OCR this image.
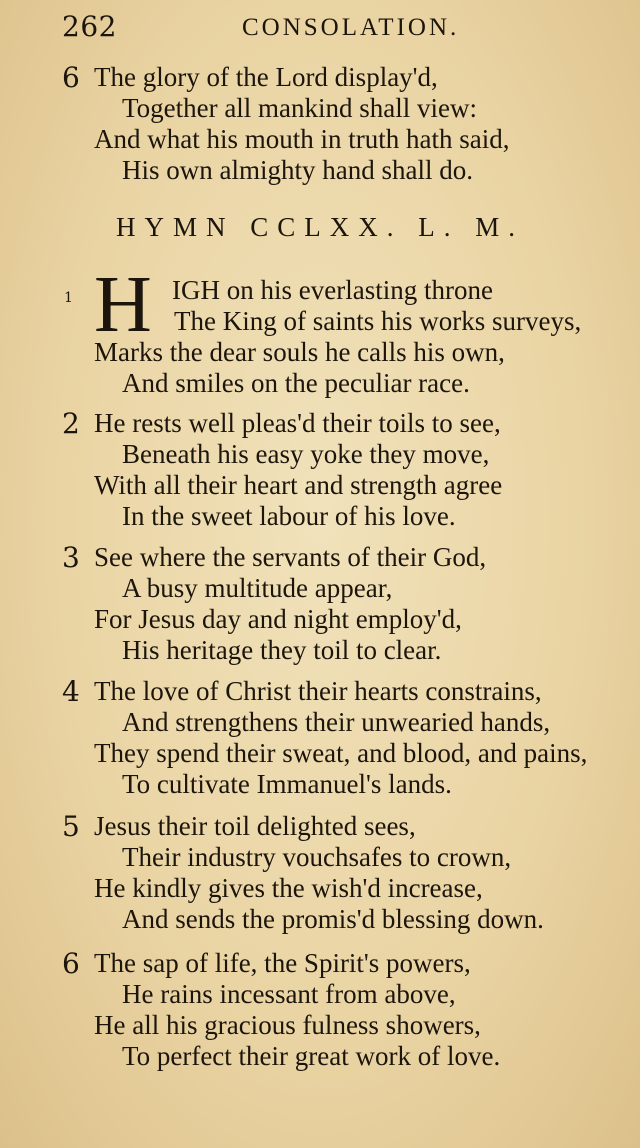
262	CONSOLATION.
6 The glory of the Lord display'd,
Together all mankind shall view:
And what his mouth in truth hath said,
His own almighty hand shall do.
HYMN CCLXX. L. M.
1 H IGH on his everlasting throne
The King of saints his works surveys,
Marks the dear souls he calls his own,
And smiles on the peculiar race.
2 He rests well pleas'd their toils to see,
Beneath his easy yoke they move,
With all their heart and strength agree
In the sweet labour of his love.
3 See where the servants of their God,
A busy multitude appear,
For Jesus day and night employ'd,
His heritage they toil to clear.
4 The love of Christ their hearts constrains,
And strengthens their unwearied hands,
They spend their sweat, and blood, and pains,
To cultivate Immanuel's lands.
5 Jesus their toil delighted sees,
Their industry vouchsafes to crown,
He kindly gives the wish'd increase,
And sends the promis'd blessing down.
6 The sap of life, the Spirit's powers,
He rains incessant from above,
He all his gracious fulness showers,
To perfect their great work of love.
